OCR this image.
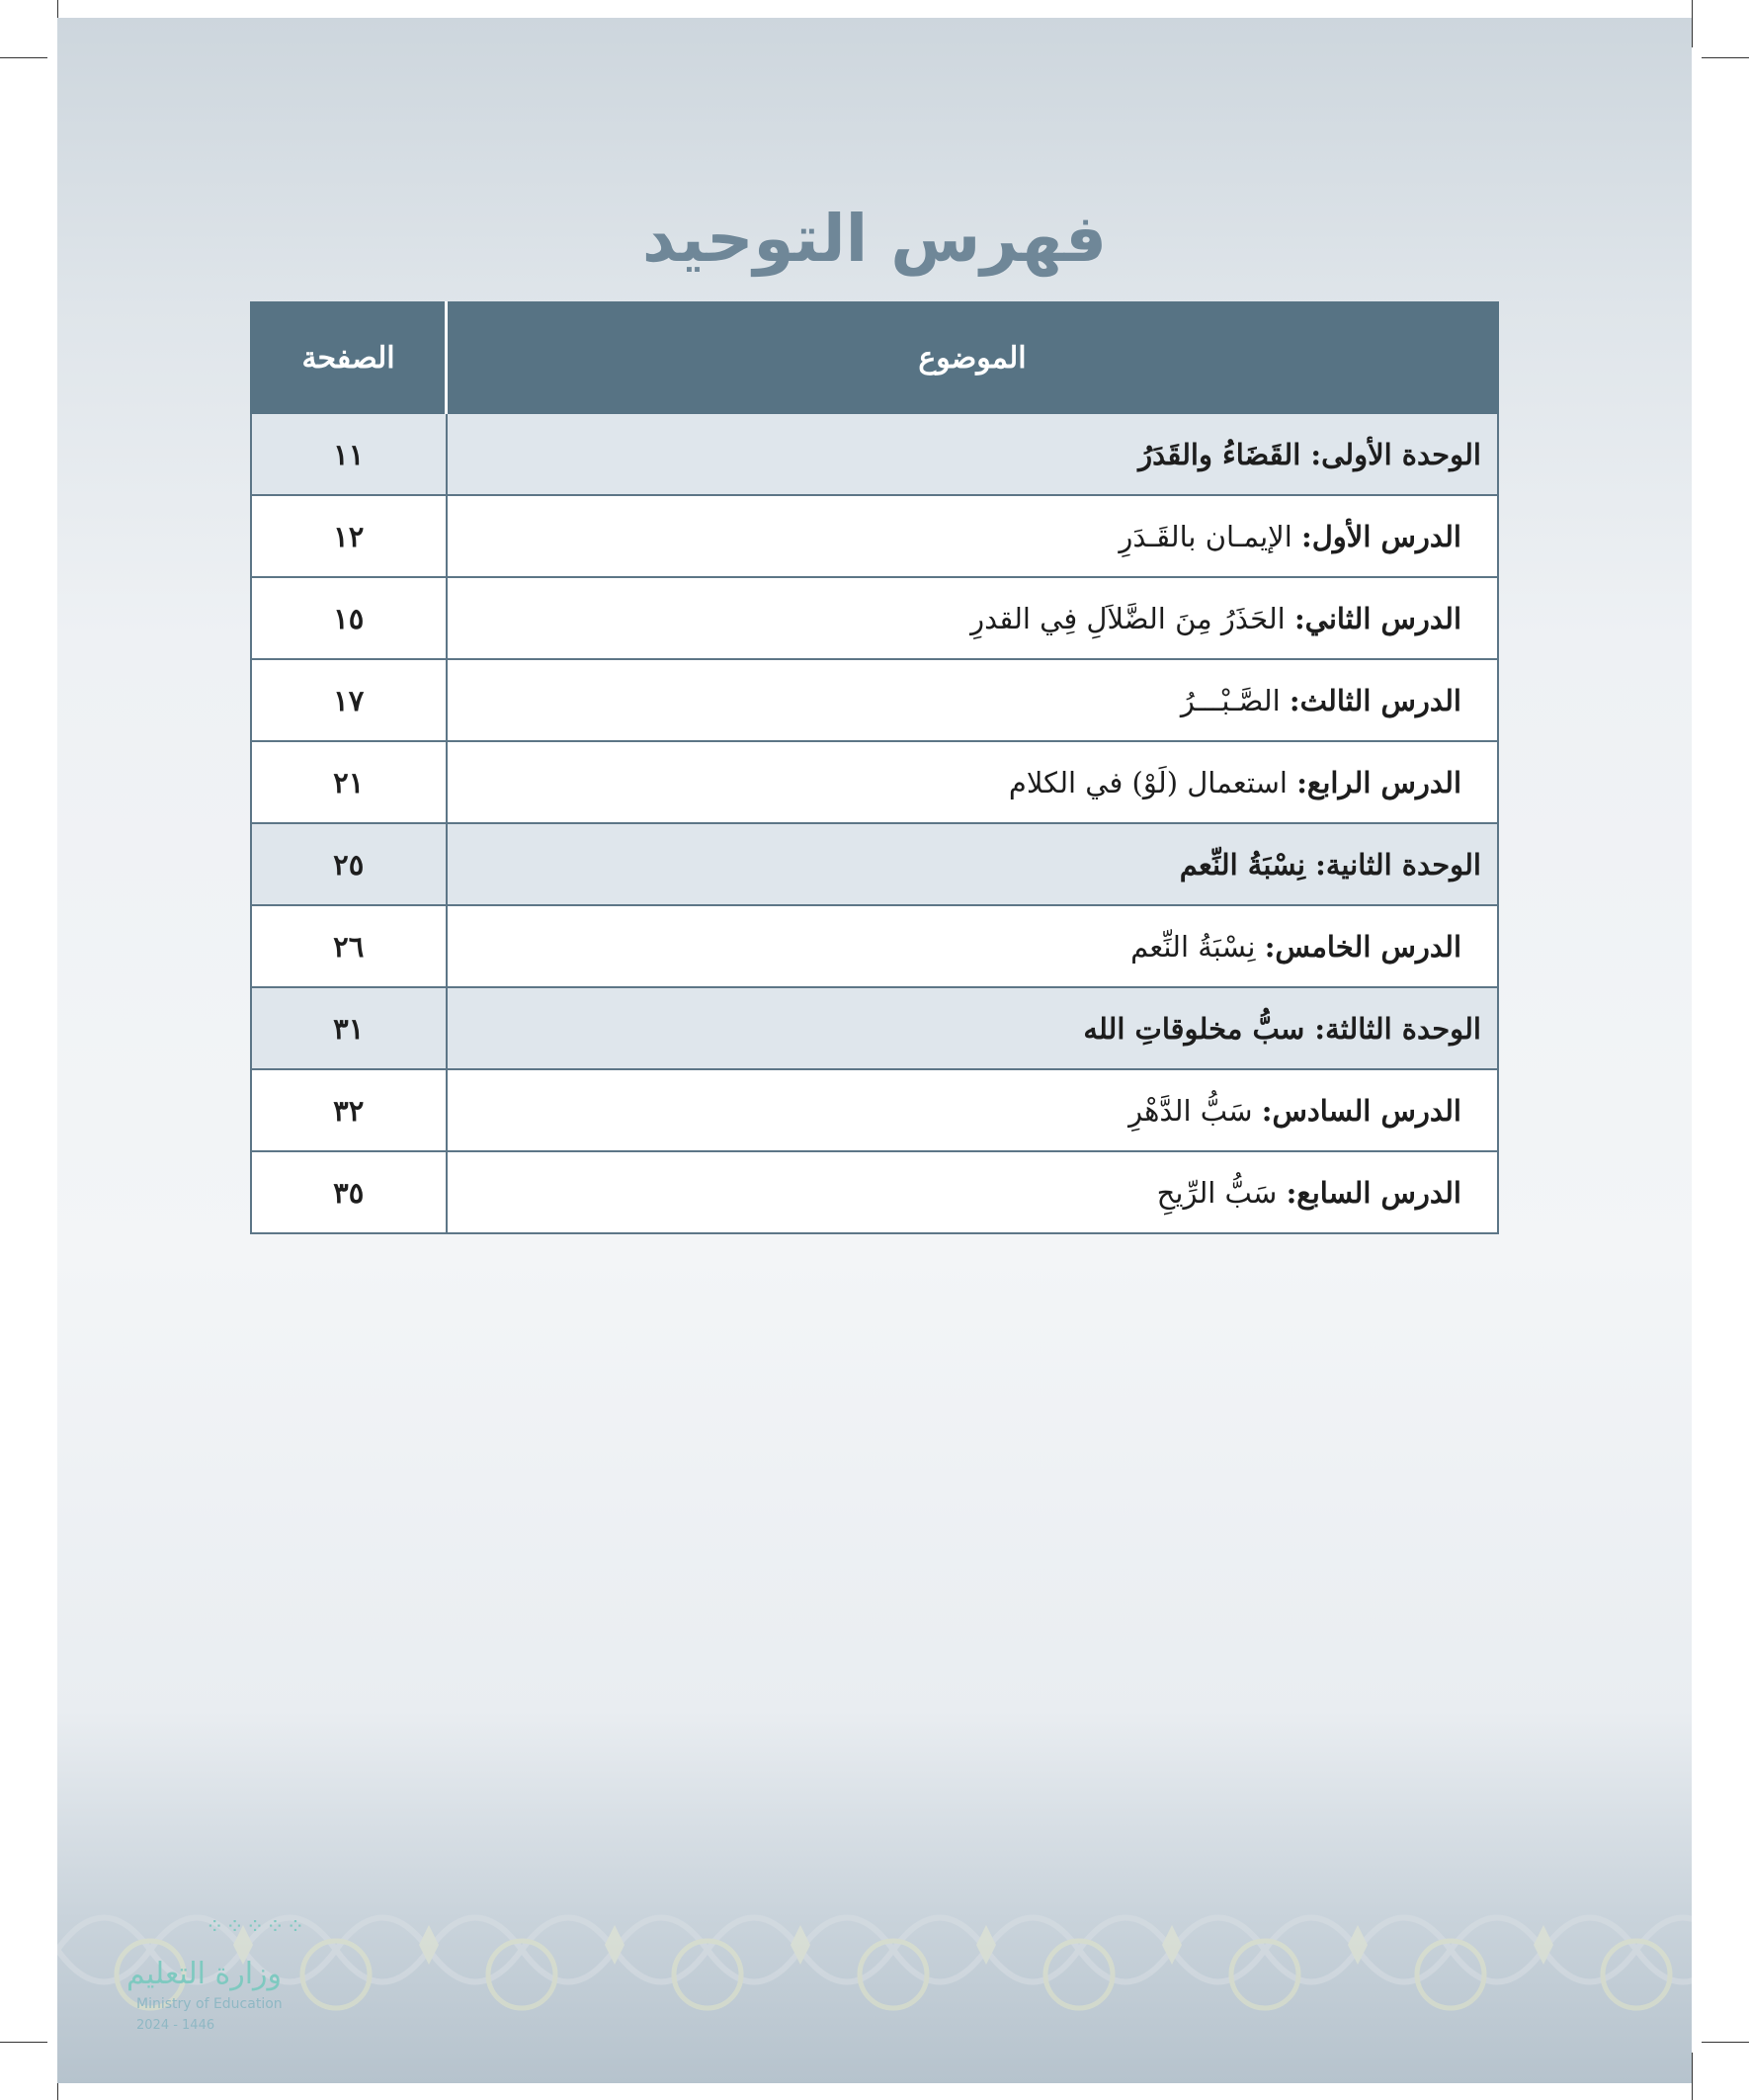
فهرس التوحيد
الموضوع	الصفحة
الوحدة الأولى: القَضَاءُ والقَدَرُ	١١
الدرس الأول: الإيمـان بالقَـدَرِ	١٢
الدرس الثاني: الحَذَرُ مِنَ الضَّلاَلِ فِي القدرِ	١٥
الدرس الثالث: الصَّـبْـــرُ	١٧
الدرس الرابع: استعمال (لَوْ) في الكلام	٢١
الوحدة الثانية: نِسْبَةُ النِّعم	٢٥
الدرس الخامس: نِسْبَةُ النِّعم	٢٦
الوحدة الثالثة: سبُّ مخلوقاتِ الله	٣١
الدرس السادس: سَبُّ الدَّهْرِ	٣٢
الدرس السابع: سَبُّ الرِّيحِ	٣٥
⁘⁘⁘⁘⁘
وزارة التعليم
Ministry of Education
2024 - 1446
